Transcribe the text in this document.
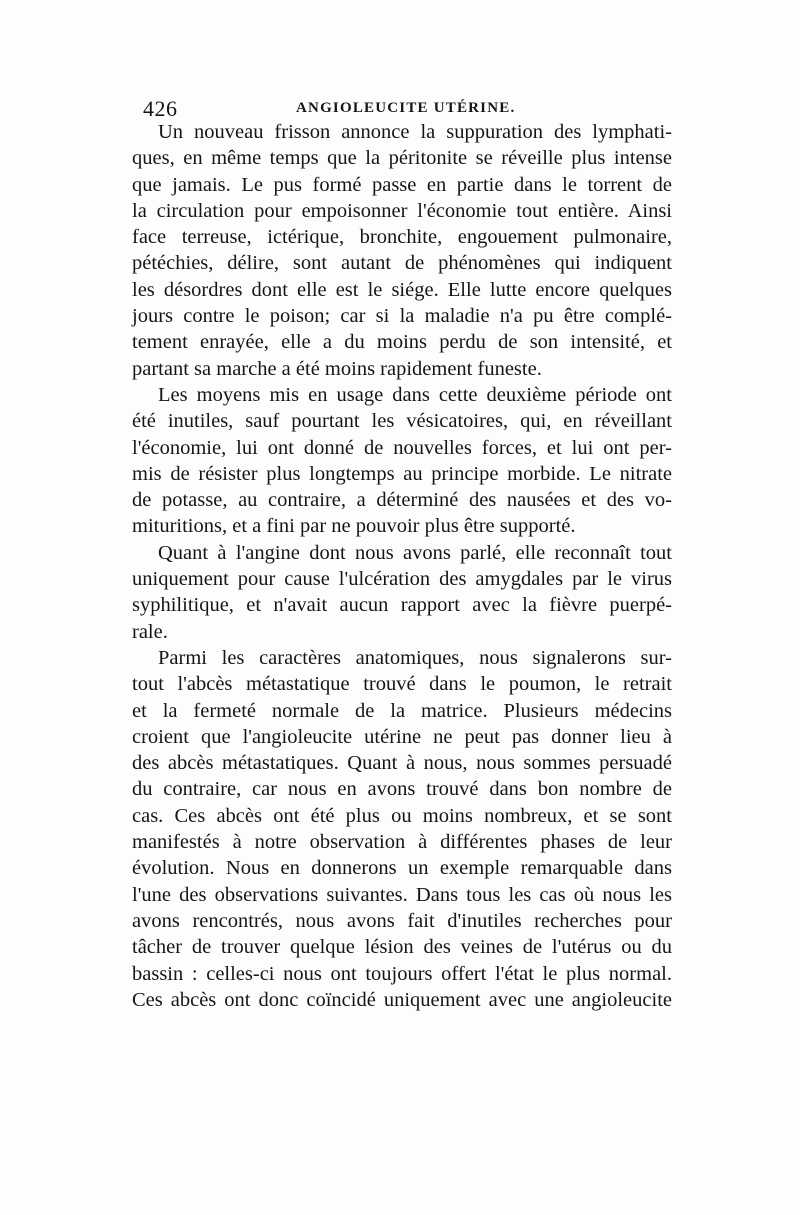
426	ANGIOLEUCITE UTÉRINE.
Un nouveau frisson annonce la suppuration des lymphati-
ques, en même temps que la péritonite se réveille plus intense
que jamais. Le pus formé passe en partie dans le torrent de
la circulation pour empoisonner l'économie tout entière. Ainsi
face terreuse, ictérique, bronchite, engouement pulmonaire,
pétéchies, délire, sont autant de phénomènes qui indiquent
les désordres dont elle est le siége. Elle lutte encore quelques
jours contre le poison; car si la maladie n'a pu être complé-
tement enrayée, elle a du moins perdu de son intensité, et
partant sa marche a été moins rapidement funeste.
Les moyens mis en usage dans cette deuxième période ont
été inutiles, sauf pourtant les vésicatoires, qui, en réveillant
l'économie, lui ont donné de nouvelles forces, et lui ont per-
mis de résister plus longtemps au principe morbide. Le nitrate
de potasse, au contraire, a déterminé des nausées et des vo-
mituritions, et a fini par ne pouvoir plus être supporté.
Quant à l'angine dont nous avons parlé, elle reconnaît tout
uniquement pour cause l'ulcération des amygdales par le virus
syphilitique, et n'avait aucun rapport avec la fièvre puerpé-
rale.
Parmi les caractères anatomiques, nous signalerons sur-
tout l'abcès métastatique trouvé dans le poumon, le retrait
et la fermeté normale de la matrice. Plusieurs médecins
croient que l'angioleucite utérine ne peut pas donner lieu à
des abcès métastatiques. Quant à nous, nous sommes persuadé
du contraire, car nous en avons trouvé dans bon nombre de
cas. Ces abcès ont été plus ou moins nombreux, et se sont
manifestés à notre observation à différentes phases de leur
évolution. Nous en donnerons un exemple remarquable dans
l'une des observations suivantes. Dans tous les cas où nous les
avons rencontrés, nous avons fait d'inutiles recherches pour
tâcher de trouver quelque lésion des veines de l'utérus ou du
bassin : celles-ci nous ont toujours offert l'état le plus normal.
Ces abcès ont donc coïncidé uniquement avec une angioleucite
